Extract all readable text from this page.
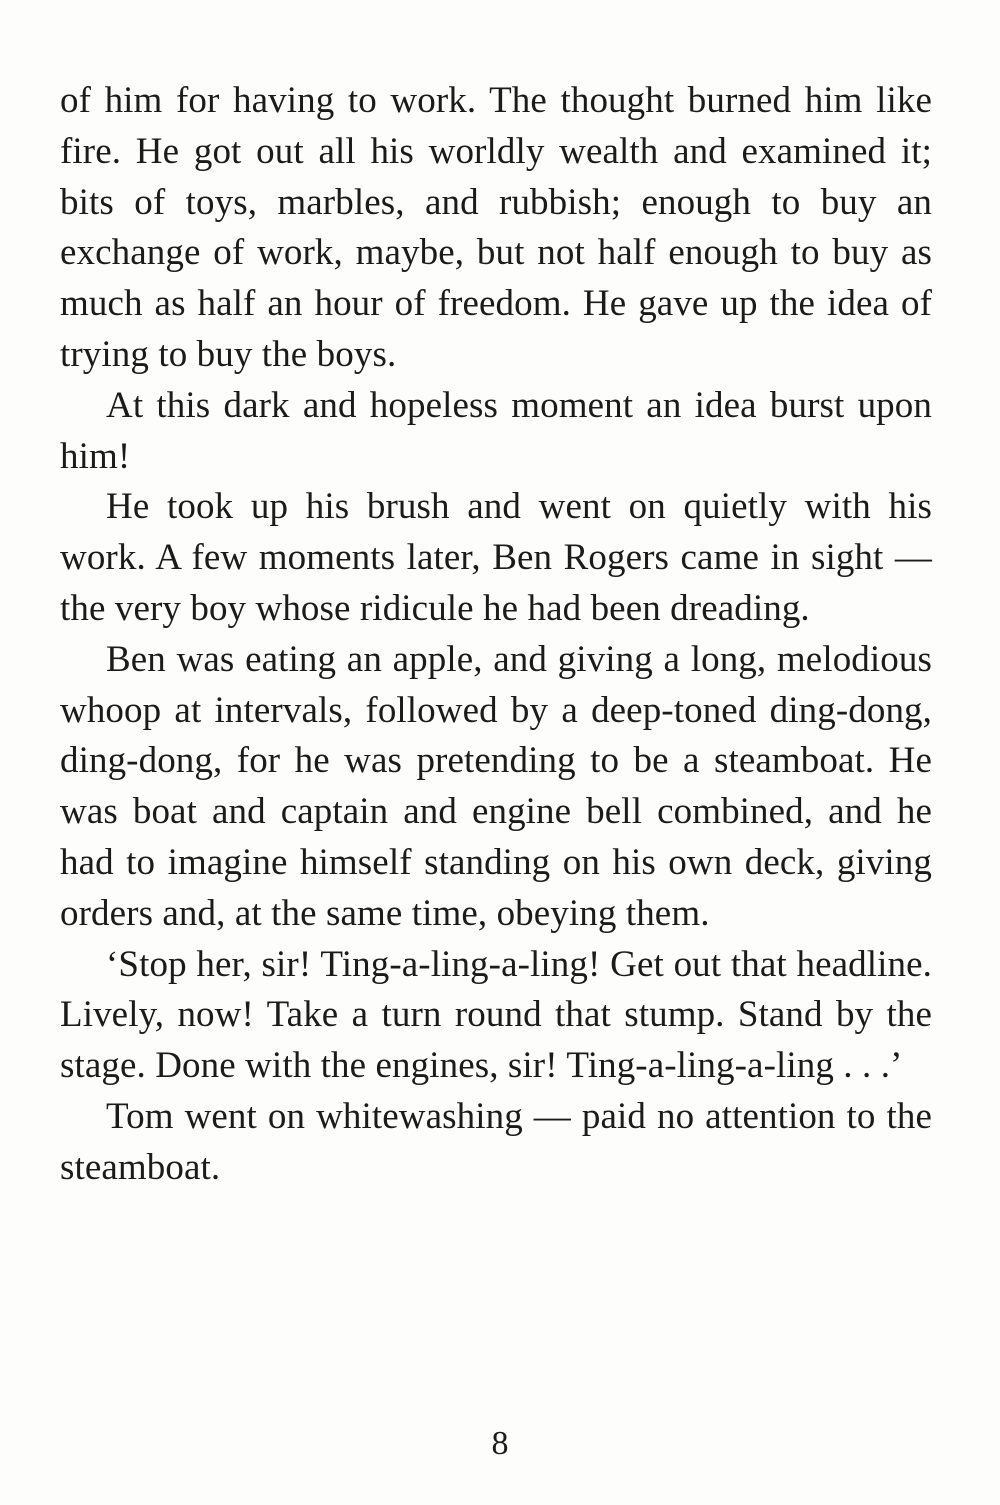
of him for having to work. The thought burned him like fire. He got out all his worldly wealth and examined it; bits of toys, marbles, and rubbish; enough to buy an exchange of work, maybe, but not half enough to buy as much as half an hour of freedom. He gave up the idea of trying to buy the boys.

At this dark and hopeless moment an idea burst upon him!

He took up his brush and went on quietly with his work. A few moments later, Ben Rogers came in sight — the very boy whose ridicule he had been dreading.

Ben was eating an apple, and giving a long, melodious whoop at intervals, followed by a deep-toned ding-dong, ding-dong, for he was pretending to be a steamboat. He was boat and captain and engine bell combined, and he had to imagine himself standing on his own deck, giving orders and, at the same time, obeying them.

‘Stop her, sir! Ting-a-ling-a-ling! Get out that headline. Lively, now! Take a turn round that stump. Stand by the stage. Done with the engines, sir! Ting-a-ling-a-ling . . .’

Tom went on whitewashing — paid no attention to the steamboat.

8
